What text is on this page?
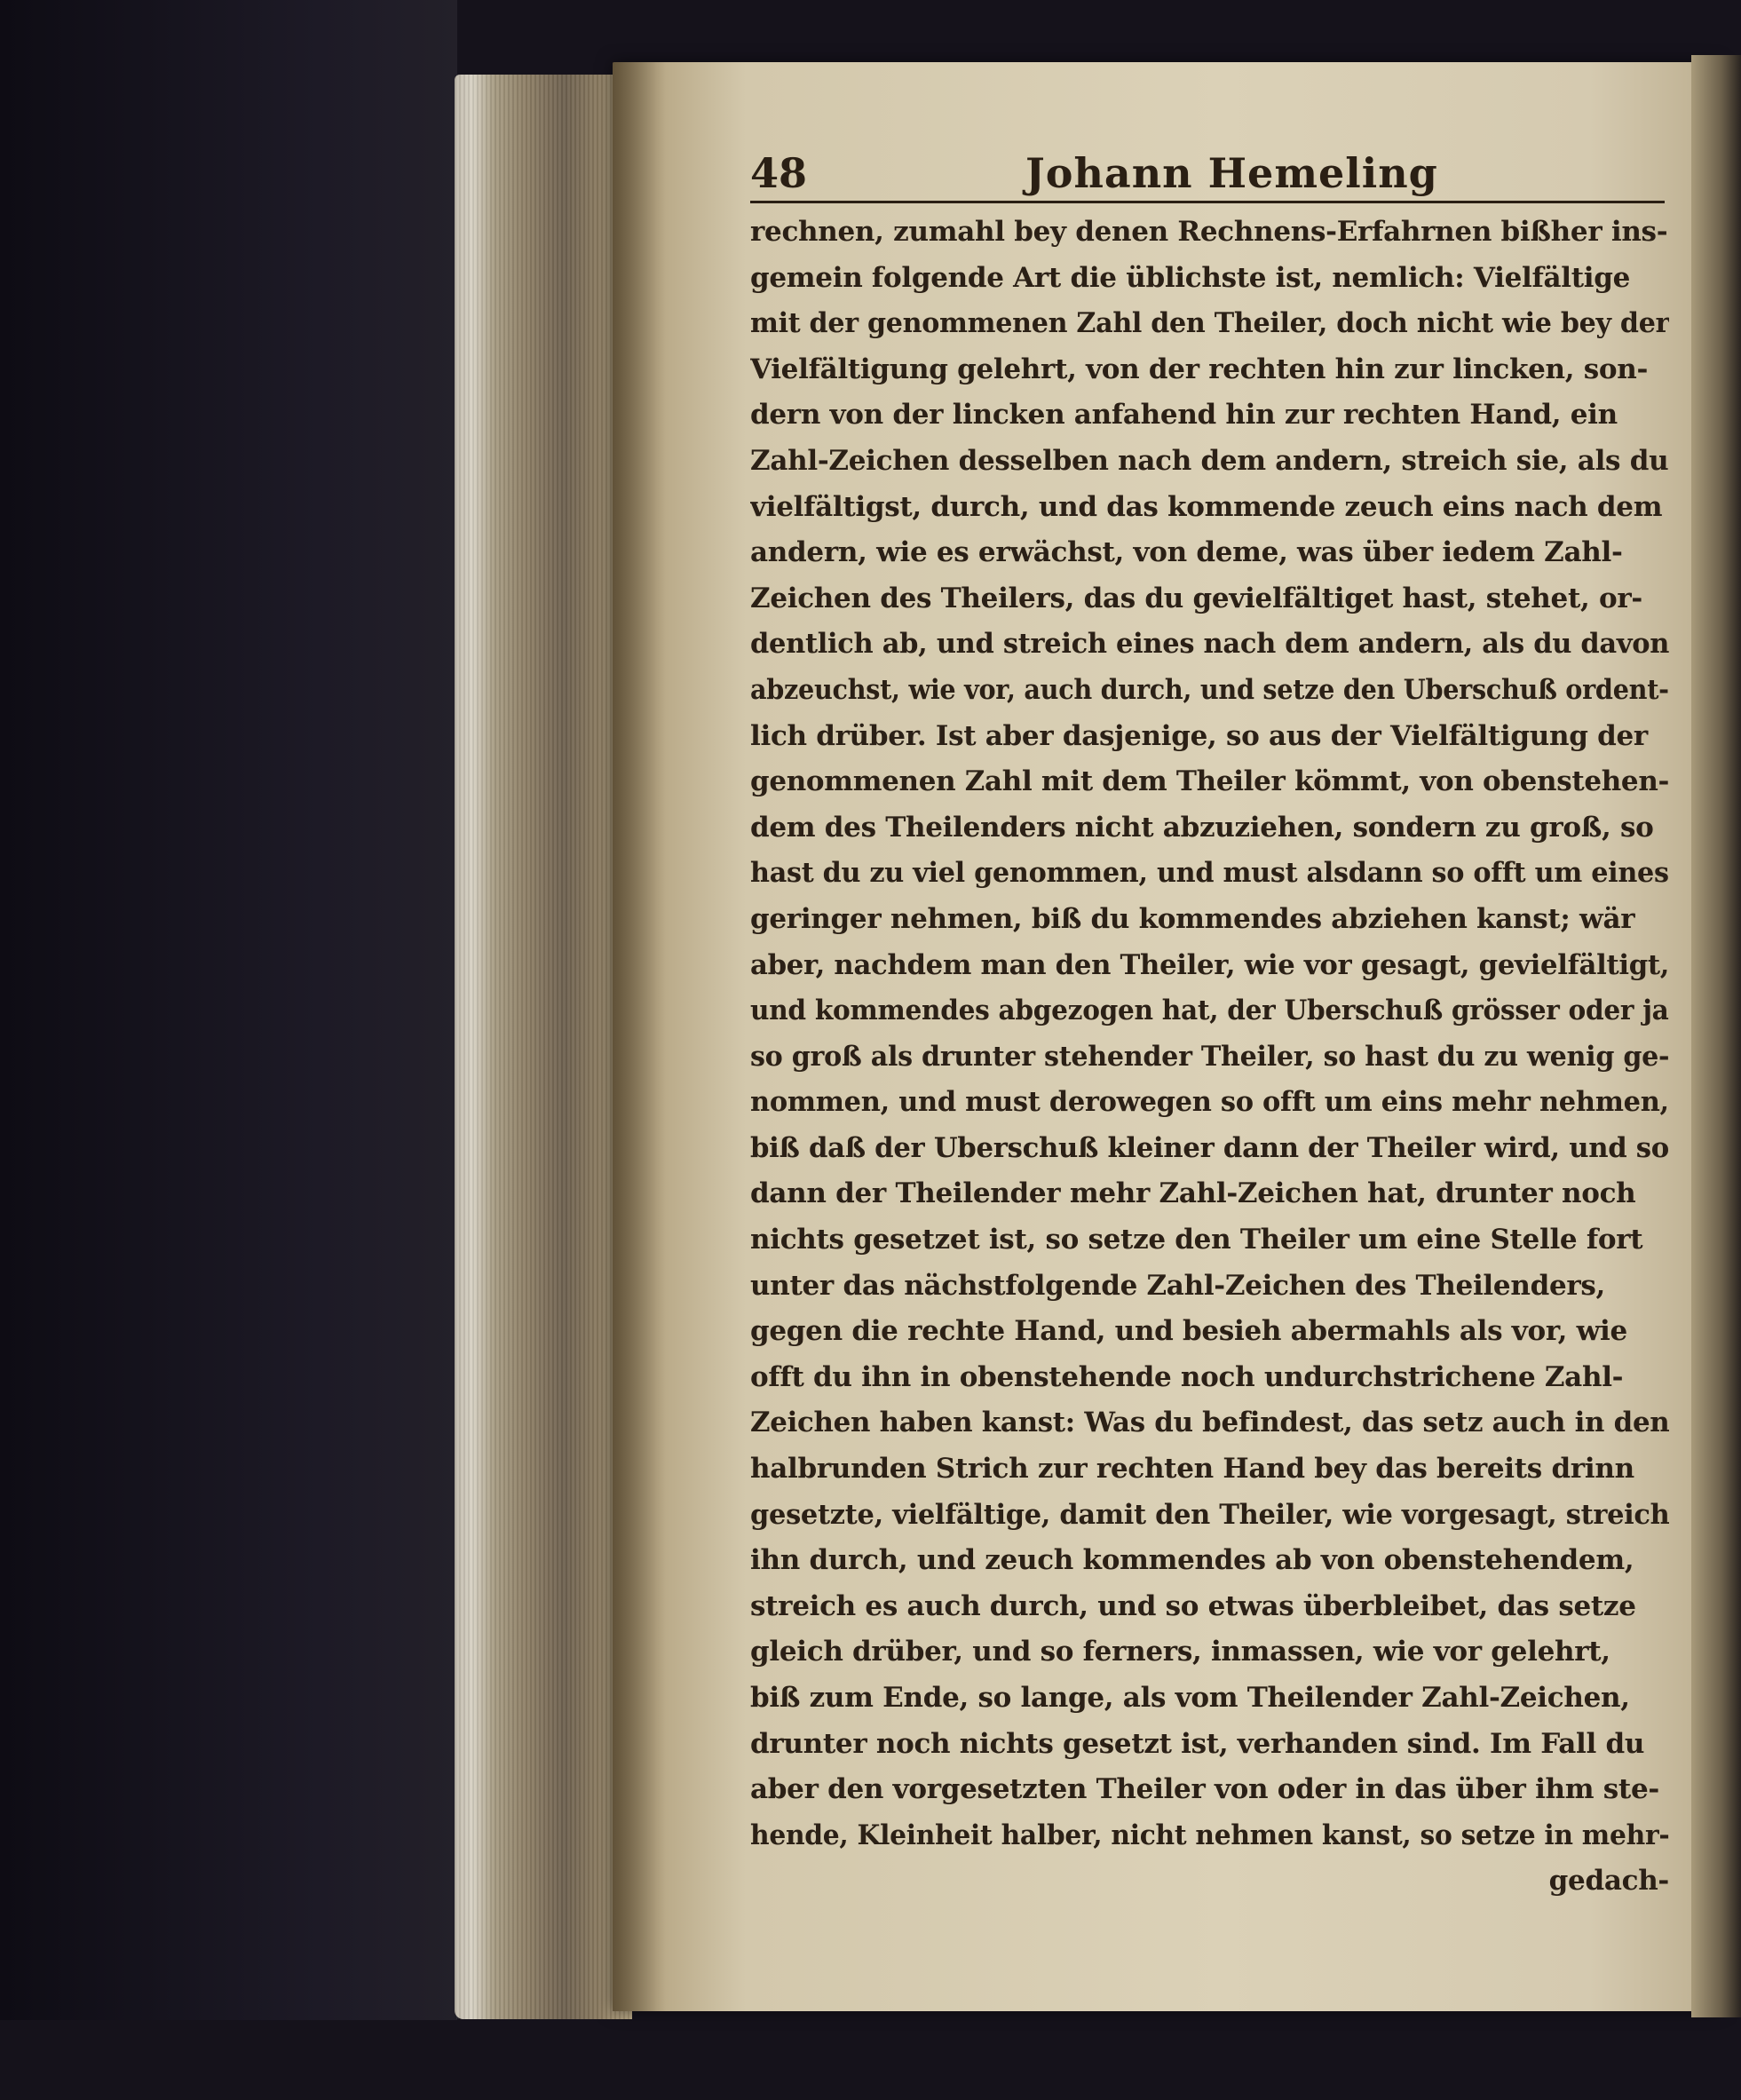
48	Johann Hemeling
rechnen, zumahl bey denen Rechnens-Erfahrnen bißher ins-
gemein folgende Art die üblichste ist, nemlich: Vielfältige
mit der genommenen Zahl den Theiler, doch nicht wie bey der
Vielfältigung gelehrt, von der rechten hin zur lincken, son-
dern von der lincken anfahend hin zur rechten Hand, ein
Zahl-Zeichen desselben nach dem andern, streich sie, als du
vielfältigst, durch, und das kommende zeuch eins nach dem
andern, wie es erwächst, von deme, was über iedem Zahl-
Zeichen des Theilers, das du gevielfältiget hast, stehet, or-
dentlich ab, und streich eines nach dem andern, als du davon
abzeuchst, wie vor, auch durch, und setze den Uberschuß ordent-
lich drüber. Ist aber dasjenige, so aus der Vielfältigung der
genommenen Zahl mit dem Theiler kömmt, von obenstehen-
dem des Theilenders nicht abzuziehen, sondern zu groß, so
hast du zu viel genommen, und must alsdann so offt um eines
geringer nehmen, biß du kommendes abziehen kanst; wär
aber, nachdem man den Theiler, wie vor gesagt, gevielfältigt,
und kommendes abgezogen hat, der Uberschuß grösser oder ja
so groß als drunter stehender Theiler, so hast du zu wenig ge-
nommen, und must derowegen so offt um eins mehr nehmen,
biß daß der Uberschuß kleiner dann der Theiler wird, und so
dann der Theilender mehr Zahl-Zeichen hat, drunter noch
nichts gesetzet ist, so setze den Theiler um eine Stelle fort
unter das nächstfolgende Zahl-Zeichen des Theilenders,
gegen die rechte Hand, und besieh abermahls als vor, wie
offt du ihn in obenstehende noch undurchstrichene Zahl-
Zeichen haben kanst: Was du befindest, das setz auch in den
halbrunden Strich zur rechten Hand bey das bereits drinn
gesetzte, vielfältige, damit den Theiler, wie vorgesagt, streich
ihn durch, und zeuch kommendes ab von obenstehendem,
streich es auch durch, und so etwas überbleibet, das setze
gleich drüber, und so ferners, inmassen, wie vor gelehrt,
biß zum Ende, so lange, als vom Theilender Zahl-Zeichen,
drunter noch nichts gesetzt ist, verhanden sind. Im Fall du
aber den vorgesetzten Theiler von oder in das über ihm ste-
hende, Kleinheit halber, nicht nehmen kanst, so setze in mehr-
gedach-
